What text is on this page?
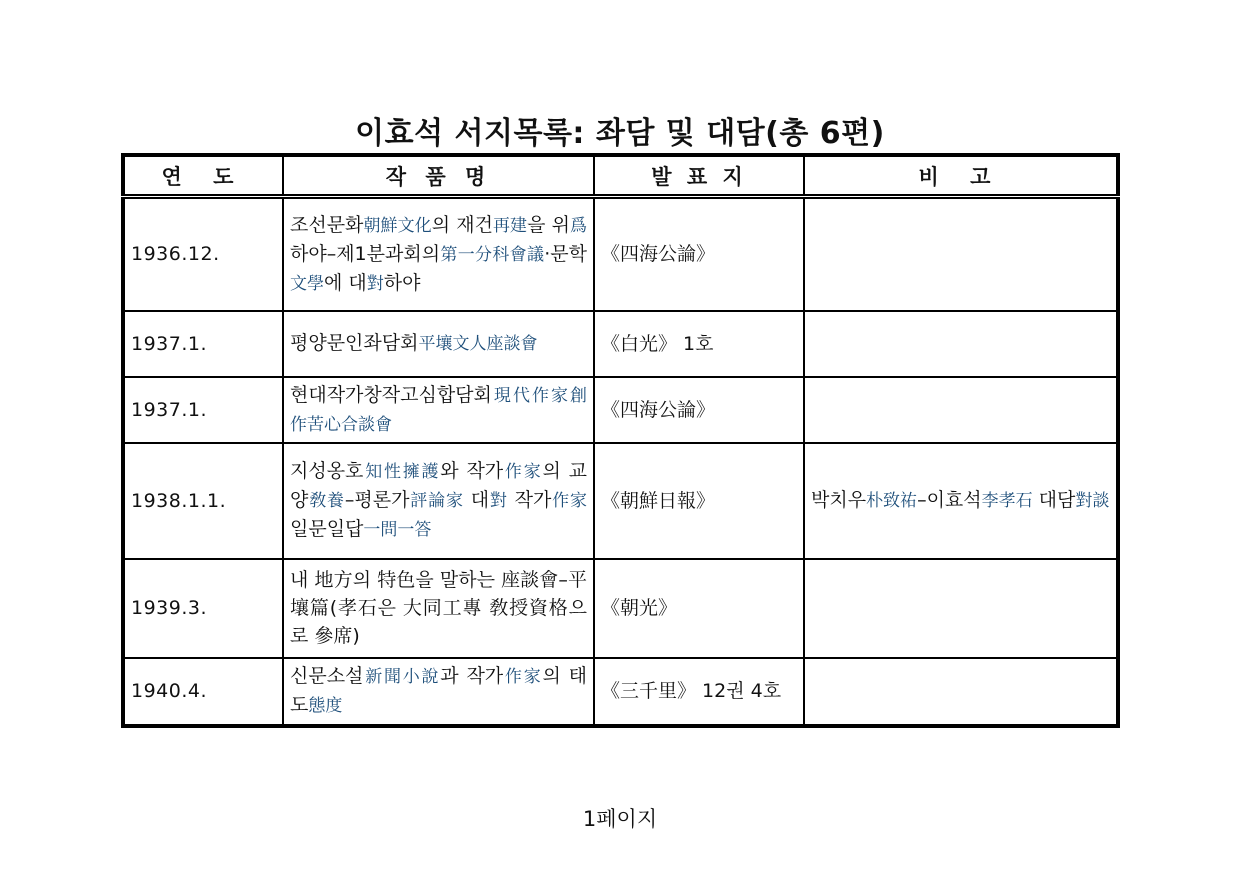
이효석 서지목록: 좌담 및 대담(총 6편)
연 도	작 품 명	발 표 지	비 고
1936.12.	조선문화朝鮮文化의 재건再建을 위爲하야–제1분과회의第一分科會議·문학文學에 대對하야	《四海公論》	
1937.1.	평양문인좌담회平壤文人座談會	《白光》 1호	
1937.1.	현대작가창작고심합담회現代作家創作苦心合談會	《四海公論》	
1938.1.1.	지성옹호知性擁護와 작가作家의 교양敎養–평론가評論家 대對 작가作家 일문일답一問一答	《朝鮮日報》	박치우朴致祐–이효석李孝石 대담對談
1939.3.	내 地方의 特色을 말하는 座談會–平壤篇(孝石은 大同工專 敎授資格으로 參席)	《朝光》	
1940.4.	신문소설新聞小說과 작가作家의 태도態度	《三千里》 12권 4호	
1페이지
